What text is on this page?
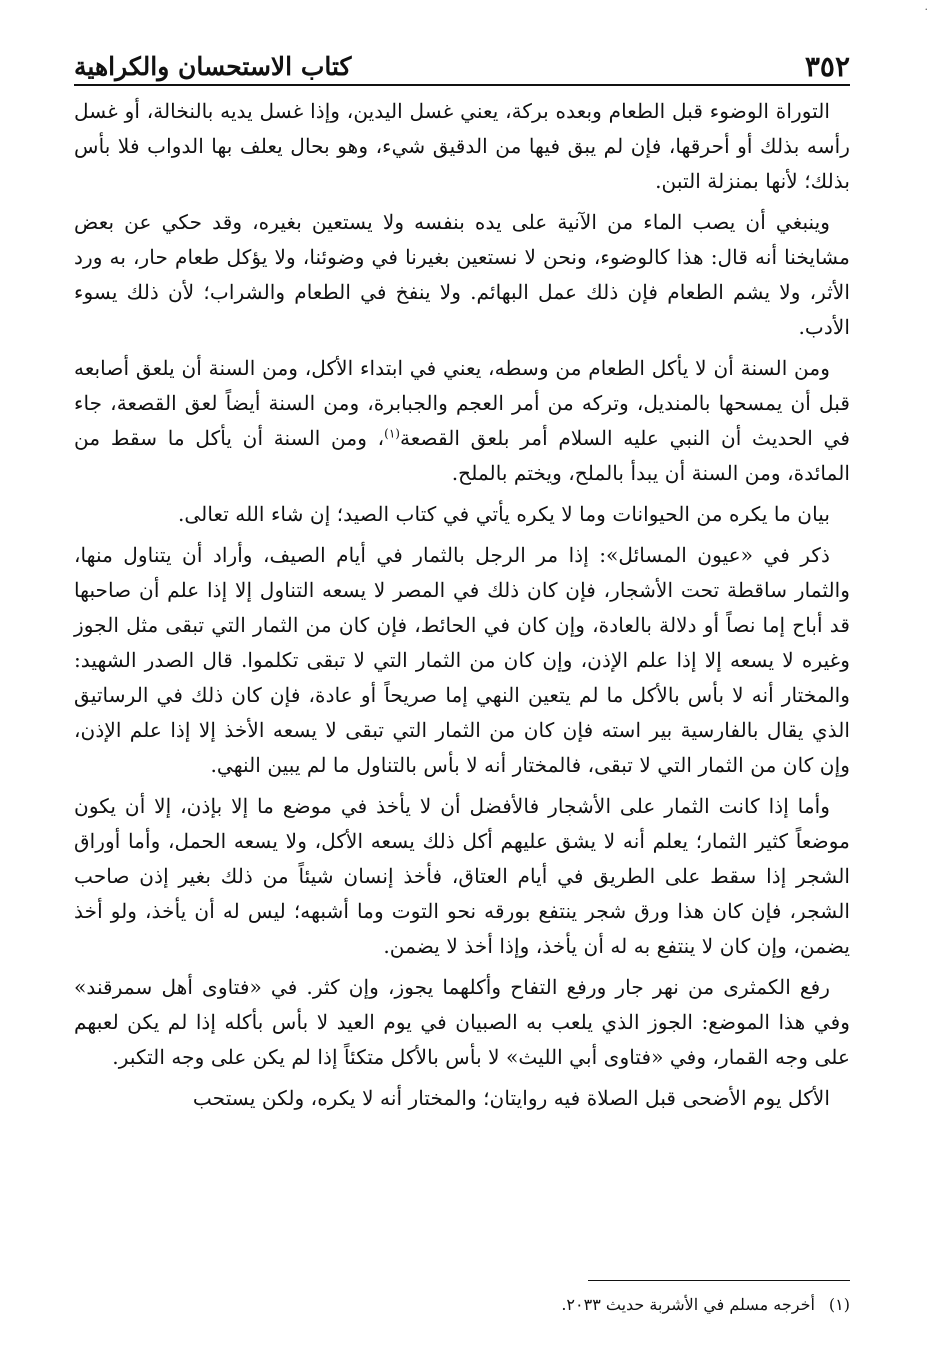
·
٣٥٢
كتاب الاستحسان والكراهية

التوراة الوضوء قبل الطعام وبعده بركة، يعني غسل اليدين، وإذا غسل يديه بالنخالة، أو غسل رأسه بذلك أو أحرقها، فإن لم يبق فيها من الدقيق شيء، وهو بحال يعلف بها الدواب فلا بأس بذلك؛ لأنها بمنزلة التبن.

وينبغي أن يصب الماء من الآنية على يده بنفسه ولا يستعين بغيره، وقد حكي عن بعض مشايخنا أنه قال: هذا كالوضوء، ونحن لا نستعين بغيرنا في وضوئنا، ولا يؤكل طعام حار، به ورد الأثر، ولا يشم الطعام فإن ذلك عمل البهائم. ولا ينفخ في الطعام والشراب؛ لأن ذلك يسوء الأدب.

ومن السنة أن لا يأكل الطعام من وسطه، يعني في ابتداء الأكل، ومن السنة أن يلعق أصابعه قبل أن يمسحها بالمنديل، وتركه من أمر العجم والجبابرة، ومن السنة أيضاً لعق القصعة، جاء في الحديث أن النبي عليه السلام أمر بلعق القصعة$^{(١)}$، ومن السنة أن يأكل ما سقط من المائدة، ومن السنة أن يبدأ بالملح، ويختم بالملح.

بيان ما يكره من الحيوانات وما لا يكره يأتي في كتاب الصيد؛ إن شاء الله تعالى.

ذكر في «عيون المسائل»: إذا مر الرجل بالثمار في أيام الصيف، وأراد أن يتناول منها، والثمار ساقطة تحت الأشجار، فإن كان ذلك في المصر لا يسعه التناول إلا إذا علم أن صاحبها قد أباح إما نصاً أو دلالة بالعادة، وإن كان في الحائط، فإن كان من الثمار التي تبقى مثل الجوز وغيره لا يسعه إلا إذا علم الإذن، وإن كان من الثمار التي لا تبقى تكلموا. قال الصدر الشهيد: والمختار أنه لا بأس بالأكل ما لم يتعين النهي إما صريحاً أو عادة، فإن كان ذلك في الرساتيق الذي يقال بالفارسية بير استه فإن كان من الثمار التي تبقى لا يسعه الأخذ إلا إذا علم الإذن، وإن كان من الثمار التي لا تبقى، فالمختار أنه لا بأس بالتناول ما لم يبين النهي.

وأما إذا كانت الثمار على الأشجار فالأفضل أن لا يأخذ في موضع ما إلا بإذن، إلا أن يكون موضعاً كثير الثمار؛ يعلم أنه لا يشق عليهم أكل ذلك يسعه الأكل، ولا يسعه الحمل، وأما أوراق الشجر إذا سقط على الطريق في أيام العتاق، فأخذ إنسان شيئاً من ذلك بغير إذن صاحب الشجر، فإن كان هذا ورق شجر ينتفع بورقه نحو التوت وما أشبهه؛ ليس له أن يأخذ، ولو أخذ يضمن، وإن كان لا ينتفع به له أن يأخذ، وإذا أخذ لا يضمن.

رفع الكمثرى من نهر جار ورفع التفاح وأكلهما يجوز، وإن كثر. في «فتاوى أهل سمرقند» وفي هذا الموضع: الجوز الذي يلعب به الصبيان في يوم العيد لا بأس بأكله إذا لم يكن لعبهم على وجه القمار، وفي «فتاوى أبي الليث» لا بأس بالأكل متكئاً إذا لم يكن على وجه التكبر.

الأكل يوم الأضحى قبل الصلاة فيه روايتان؛ والمختار أنه لا يكره، ولكن يستحب

(١)أخرجه مسلم في الأشربة حديث ٢٠٣٣.
